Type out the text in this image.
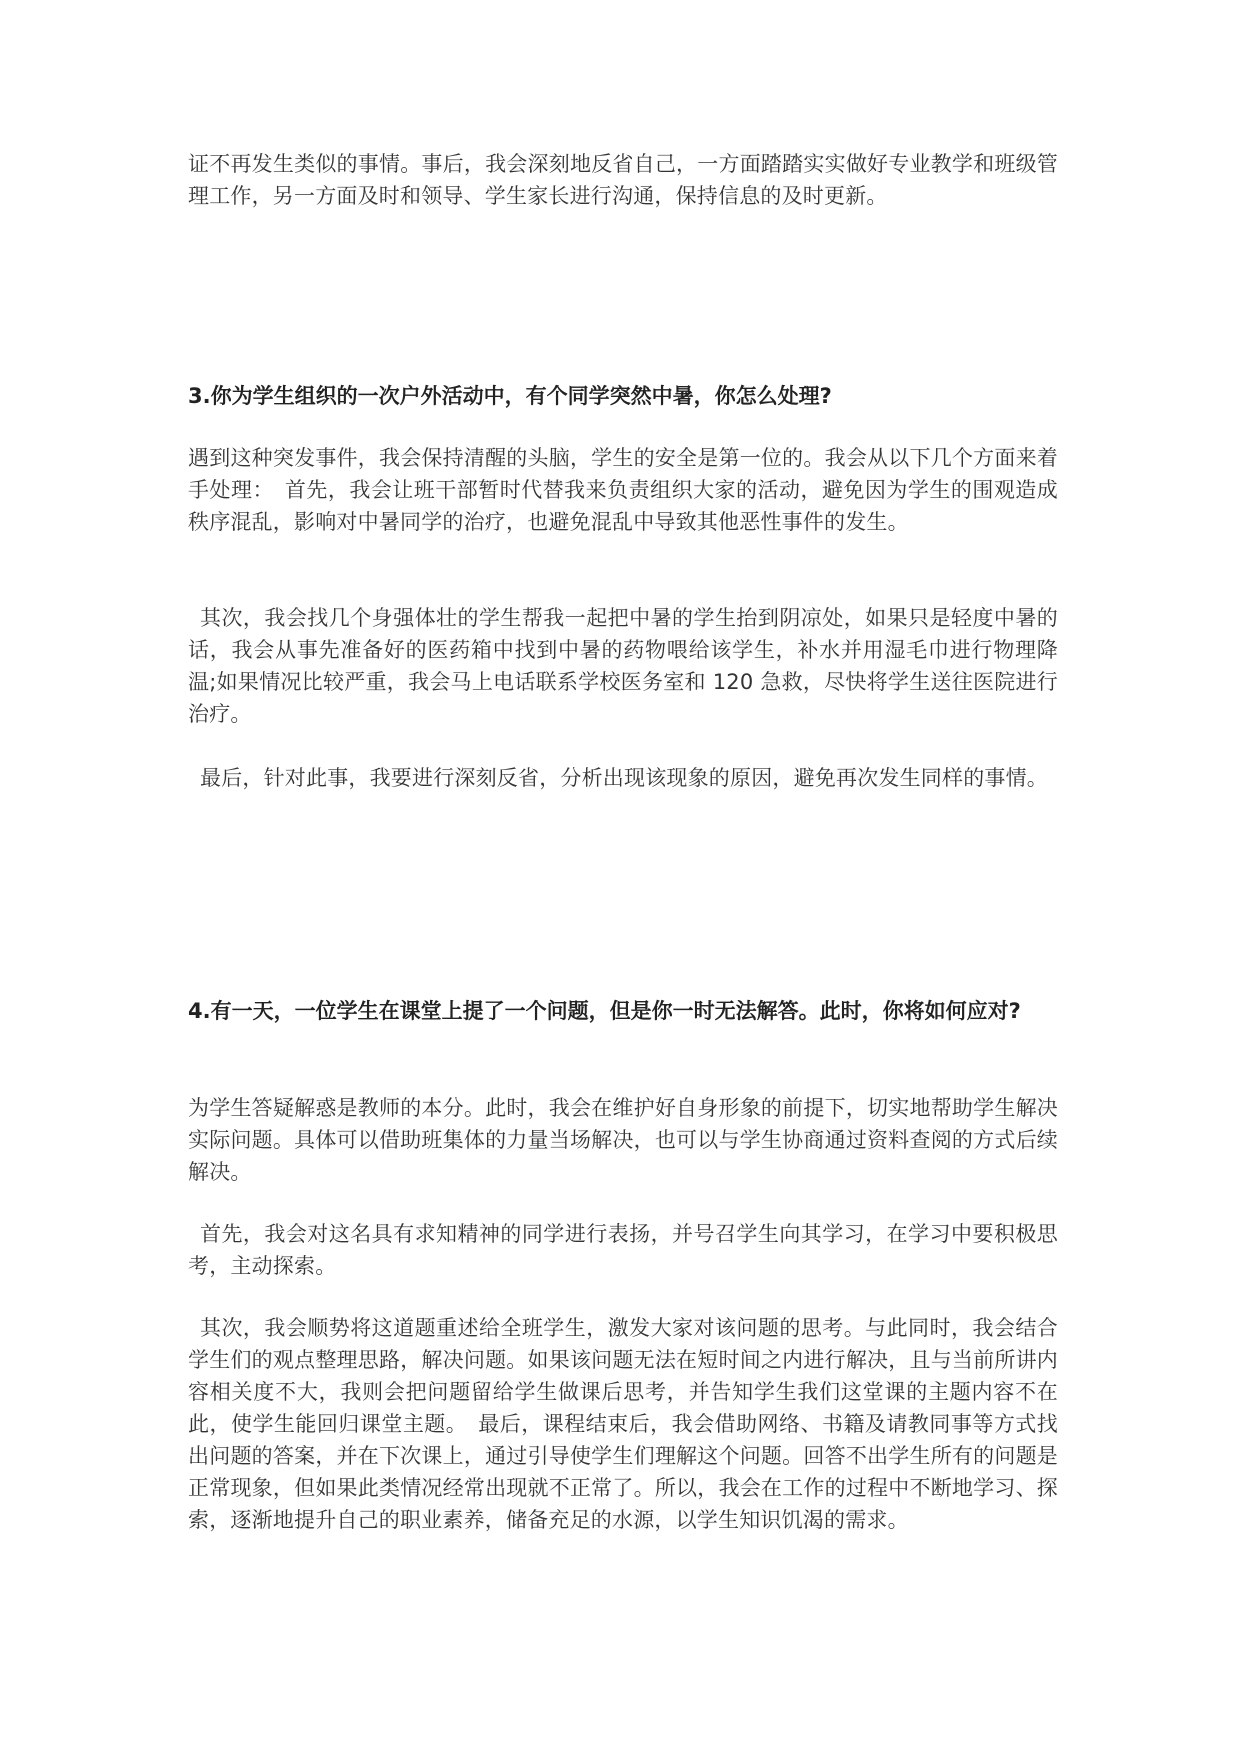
证不再发生类似的事情。事后，我会深刻地反省自己，一方面踏踏实实做好专业教学和班级管理工作，另一方面及时和领导、学生家长进行沟通，保持信息的及时更新。

3.你为学生组织的一次户外活动中，有个同学突然中暑，你怎么处理?

遇到这种突发事件，我会保持清醒的头脑，学生的安全是第一位的。我会从以下几个方面来着手处理：　首先，我会让班干部暂时代替我来负责组织大家的活动，避免因为学生的围观造成秩序混乱，影响对中暑同学的治疗，也避免混乱中导致其他恶性事件的发生。

其次，我会找几个身强体壮的学生帮我一起把中暑的学生抬到阴凉处，如果只是轻度中暑的话，我会从事先准备好的医药箱中找到中暑的药物喂给该学生，补水并用湿毛巾进行物理降温;如果情况比较严重，我会马上电话联系学校医务室和 120 急救，尽快将学生送往医院进行治疗。

最后，针对此事，我要进行深刻反省，分析出现该现象的原因，避免再次发生同样的事情。

4.有一天，一位学生在课堂上提了一个问题，但是你一时无法解答。此时，你将如何应对?

为学生答疑解惑是教师的本分。此时，我会在维护好自身形象的前提下，切实地帮助学生解决实际问题。具体可以借助班集体的力量当场解决，也可以与学生协商通过资料查阅的方式后续解决。

首先，我会对这名具有求知精神的同学进行表扬，并号召学生向其学习，在学习中要积极思考，主动探索。

其次，我会顺势将这道题重述给全班学生，激发大家对该问题的思考。与此同时，我会结合学生们的观点整理思路，解决问题。如果该问题无法在短时间之内进行解决，且与当前所讲内容相关度不大，我则会把问题留给学生做课后思考，并告知学生我们这堂课的主题内容不在此，使学生能回归课堂主题。　最后，课程结束后，我会借助网络、书籍及请教同事等方式找出问题的答案，并在下次课上，通过引导使学生们理解这个问题。回答不出学生所有的问题是正常现象，但如果此类情况经常出现就不正常了。所以，我会在工作的过程中不断地学习、探索，逐渐地提升自己的职业素养，储备充足的水源，以学生知识饥渴的需求。
